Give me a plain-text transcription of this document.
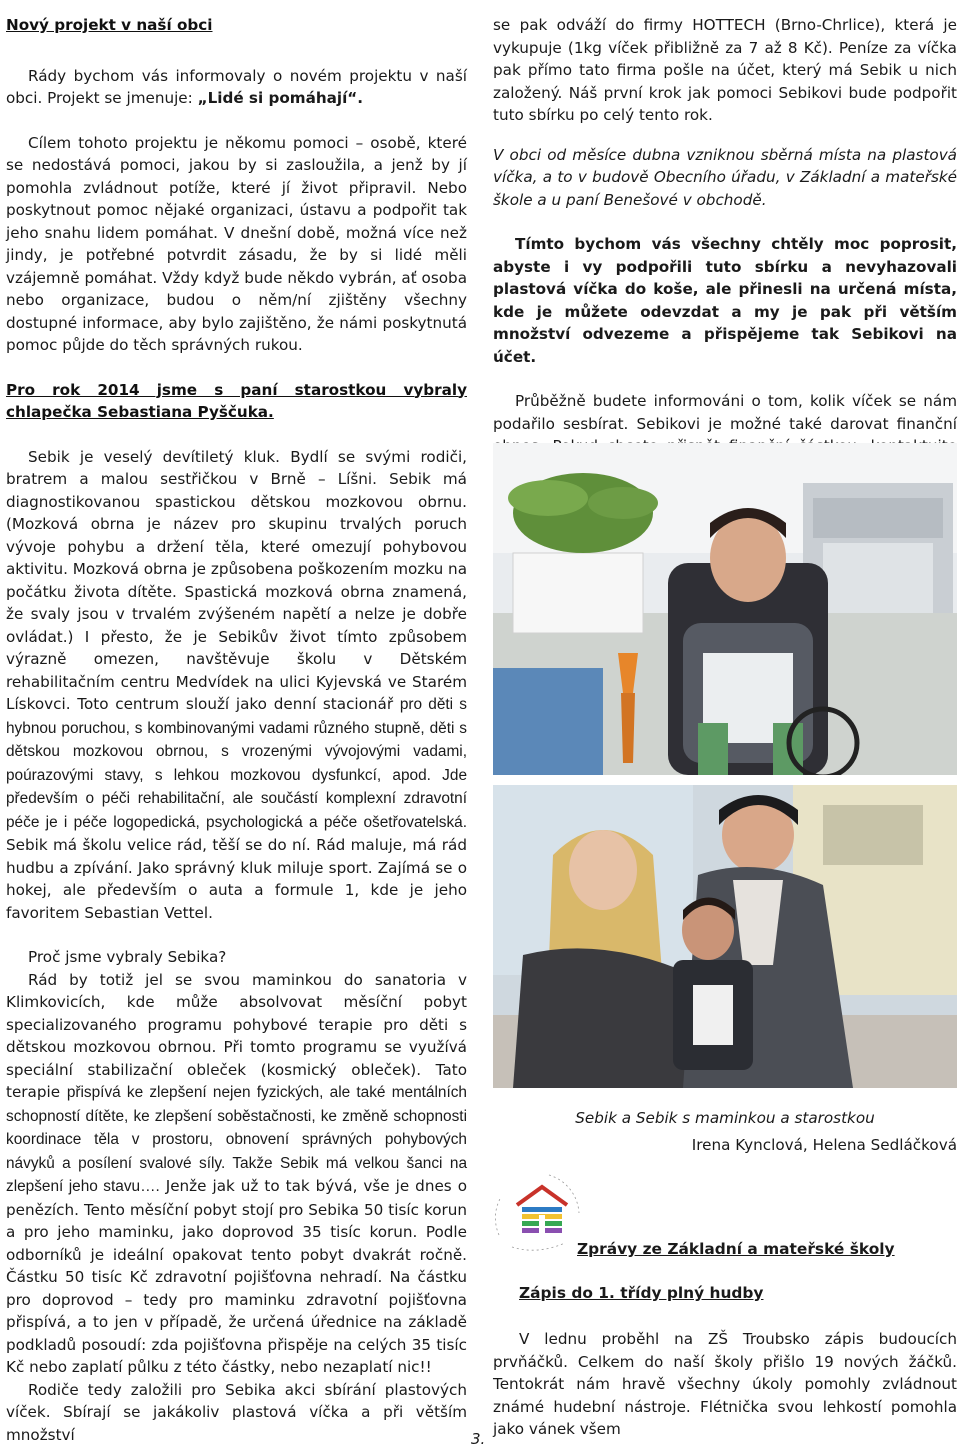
Nový projekt v naší obci

Rády bychom vás informovaly o novém projektu v naší obci. Projekt se jmenuje: „Lidé si pomáhají“.

Cílem tohoto projektu je někomu pomoci – osobě, které se nedostává pomoci, jakou by si zasloužila, a jenž by jí pomohla zvládnout potíže, které jí život připravil. Nebo poskytnout pomoc nějaké organizaci, ústavu a podpořit tak jeho snahu lidem pomáhat. V dnešní době, možná více než jindy, je potřebné potvrdit zásadu, že by si lidé měli vzájemně pomáhat. Vždy když bude někdo vybrán, ať osoba nebo organizace, budou o něm/ní zjištěny všechny dostupné informace, aby bylo zajištěno, že námi poskytnutá pomoc půjde do těch správných rukou.

Pro rok 2014 jsme s paní starostkou vybraly chlapečka Sebastiana Pyščuka.

Sebik je veselý devítiletý kluk. Bydlí se svými rodiči, bratrem a malou sestřičkou v Brně – Líšni. Sebik má diagnostikovanou spastickou dětskou mozkovou obrnu. (Mozková obrna je název pro skupinu trvalých poruch vývoje pohybu a držení těla, které omezují pohybovou aktivitu. Mozková obrna je způsobena poškozením mozku na počátku života dítěte. Spastická mozková obrna znamená, že svaly jsou v trvalém zvýšeném napětí a nelze je dobře ovládat.) I přesto, že je Sebikův život tímto způsobem výrazně omezen, navštěvuje školu v Dětském rehabilitačním centru Medvídek na ulici Kyjevská ve Starém Lískovci. Toto centrum slouží jako denní stacionář pro děti s hybnou poruchou, s kombinovanými vadami různého stupně, děti s dětskou mozkovou obrnou, s vrozenými vývojovými vadami, poúrazovými stavy, s lehkou mozkovou dysfunkcí, apod. Jde především o péči rehabilitační, ale součástí komplexní zdravotní péče je i péče logopedická, psychologická a péče ošetřovatelská. Sebik má školu velice rád, těší se do ní. Rád maluje, má rád hudbu a zpívání. Jako správný kluk miluje sport. Zajímá se o hokej, ale především o auta a formule 1, kde je jeho favoritem Sebastian Vettel.

Proč jsme vybraly Sebika?

Rád by totiž jel se svou maminkou do sanatoria v Klimkovicích, kde může absolvovat měsíční pobyt specializovaného programu pohybové terapie pro děti s dětskou mozkovou obrnou. Při tomto programu se využívá speciální stabilizační obleček (kosmický obleček). Tato terapie přispívá ke zlepšení nejen fyzických, ale také mentálních schopností dítěte, ke zlepšení soběstačnosti, ke změně schopnosti koordinace těla v prostoru, obnovení správných pohybových návyků a posílení svalové síly. Takže Sebik má velkou šanci na zlepšení jeho stavu…. Jenže jak už to tak bývá, vše je dnes o penězích. Tento měsíční pobyt stojí pro Sebika 50 tisíc korun a pro jeho maminku, jako doprovod 35 tisíc korun. Podle odborníků je ideální opakovat tento pobyt dvakrát ročně. Částku 50 tisíc Kč zdravotní pojišťovna nehradí. Na částku pro doprovod – tedy pro maminku zdravotní pojišťovna přispívá, a to jen v případě, že určená úřednice na základě podkladů posoudí: zda pojišťovna přispěje na celých 35 tisíc Kč nebo zaplatí půlku z této částky, nebo nezaplatí nic!!

Rodiče tedy založili pro Sebika akci sbírání plastových víček. Sbírají se jakákoliv plastová víčka a při větším množství

se pak odváží do firmy HOTTECH (Brno-Chrlice), která je vykupuje (1kg víček přibližně za 7 až 8 Kč). Peníze za víčka pak přímo tato firma pošle na účet, který má Sebik u nich založený. Náš první krok jak pomoci Sebikovi bude podpořit tuto sbírku po celý tento rok.

V obci od měsíce dubna vzniknou sběrná místa na plastová víčka, a to v budově Obecního úřadu, v Základní a mateřské škole a u paní Benešové v obchodě.

Tímto bychom vás všechny chtěly moc poprosit, abyste i vy podpořili tuto sbírku a nevyhazovali plastová víčka do koše, ale přinesli na určená místa, kde je můžete odevzdat a my je pak při větším množství odvezeme a přispějeme tak Sebikovi na účet.

Průběžně budete informováni o tom, kolik víček se nám podařilo sesbírat. Sebikovi je možné také darovat finanční

Sebik a Sebik s maminkou a starostkou

Irena Kynclová, Helena Sedláčková

Zprávy ze Základní a mateřské školy

Zápis do 1. třídy plný hudby

V lednu proběhl na ZŠ Troubsko zápis budoucích prvňáčků. Celkem do naší školy přišlo 19 nových žáčků. Tentokrát nám hravě všechny úkoly pomohly zvládnout známé hudební nástroje. Flétnička svou lehkostí pomohla jako vánek všem

3.
